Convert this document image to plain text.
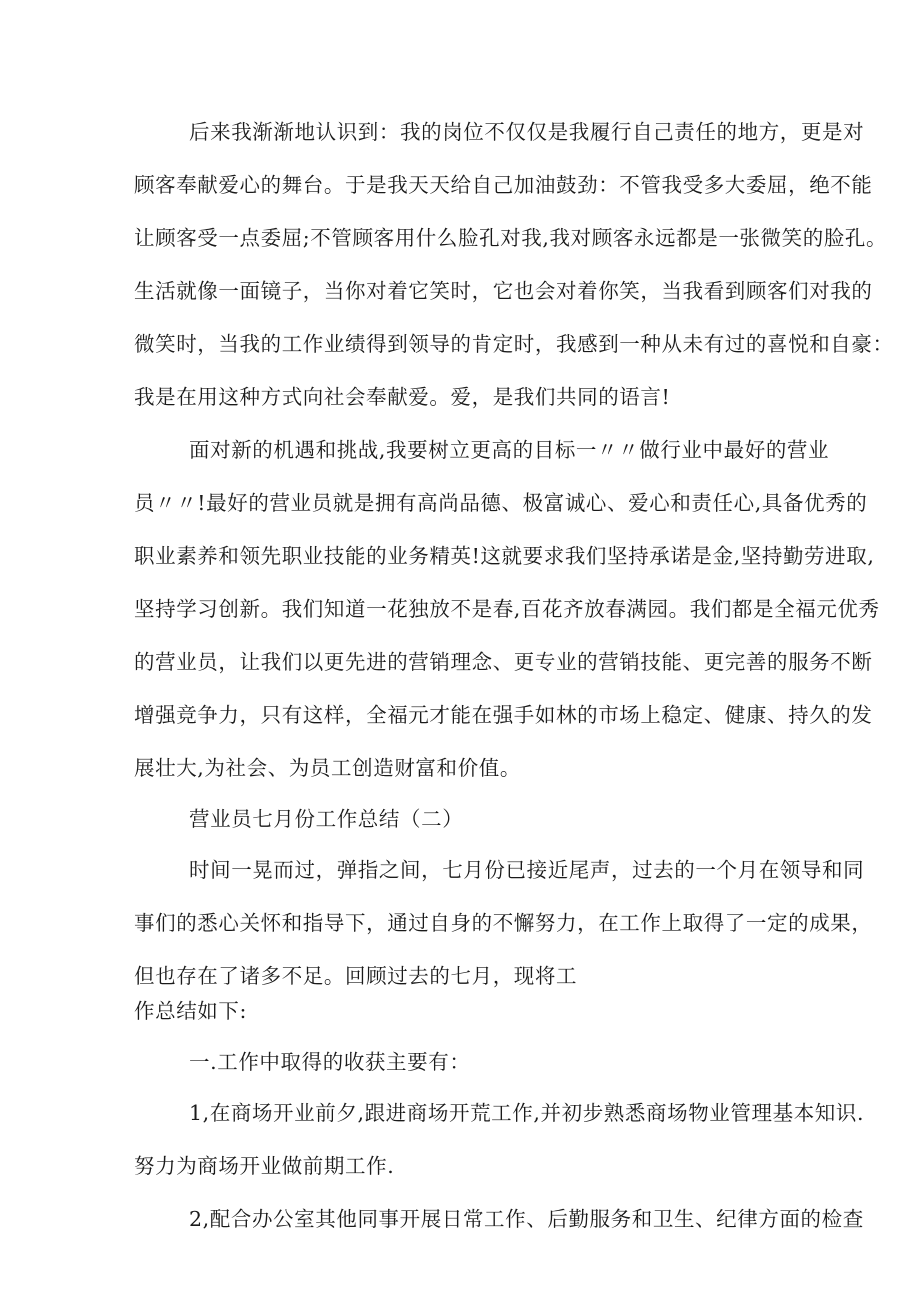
后来我渐渐地认识到：我的岗位不仅仅是我履行自己责任的地方，更是对
顾客奉献爱心的舞台。于是我天天给自己加油鼓劲：不管我受多大委屈，绝不能
让顾客受一点委屈;不管顾客用什么脸孔对我,我对顾客永远都是一张微笑的脸孔。
生活就像一面镜子，当你对着它笑时，它也会对着你笑，当我看到顾客们对我的
微笑时，当我的工作业绩得到领导的肯定时，我感到一种从未有过的喜悦和自豪：
我是在用这种方式向社会奉献爱。爱，是我们共同的语言!
面对新的机遇和挑战,我要树立更高的目标一〃〃做行业中最好的营业
员〃〃!最好的营业员就是拥有高尚品德、极富诚心、爱心和责任心,具备优秀的
职业素养和领先职业技能的业务精英!这就要求我们坚持承诺是金,坚持勤劳进取,
坚持学习创新。我们知道一花独放不是春,百花齐放春满园。我们都是全福元优秀
的营业员，让我们以更先进的营销理念、更专业的营销技能、更完善的服务不断
增强竞争力，只有这样，全福元才能在强手如林的市场上稳定、健康、持久的发
展壮大,为社会、为员工创造财富和价值。
营业员七月份工作总结（二）
时间一晃而过，弹指之间，七月份已接近尾声，过去的一个月在领导和同
事们的悉心关怀和指导下，通过自身的不懈努力，在工作上取得了一定的成果，
但也存在了诸多不足。回顾过去的七月，现将工
作总结如下:
一.工作中取得的收获主要有：
1,在商场开业前夕,跟进商场开荒工作,并初步熟悉商场物业管理基本知识.
努力为商场开业做前期工作.
2,配合办公室其他同事开展日常工作、后勤服务和卫生、纪律方面的检查
